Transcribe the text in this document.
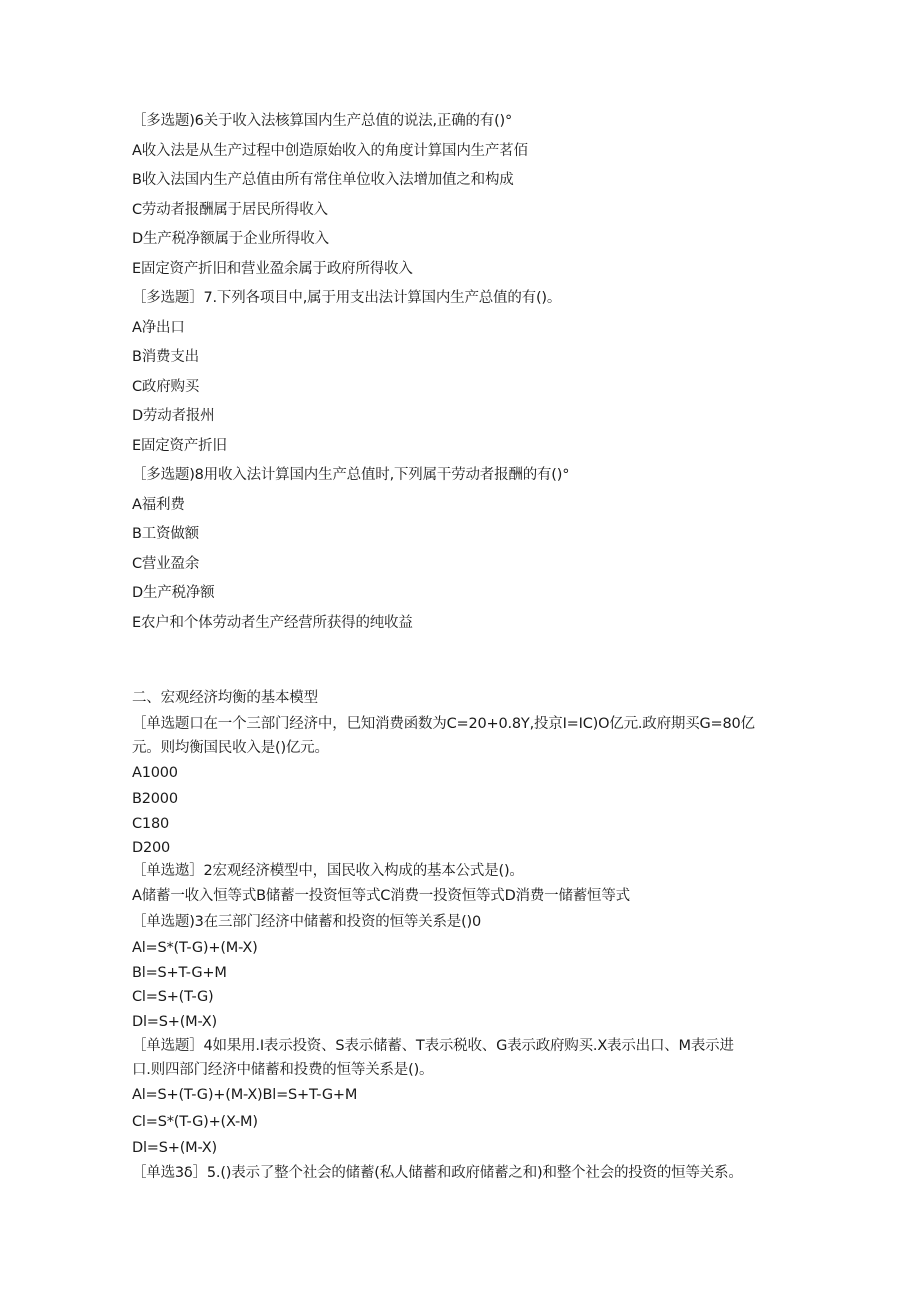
［多选题)6关于收入法核算国内生产总值的说法,正确的有()°
A收入法是从生产过程中创造原始收入的角度计算国内生产茗佰
B收入法国内生产总值由所有常住单位收入法增加值之和构成
C劳动者报酬属于居民所得收入
D生产税净额属于企业所得收入
E固定资产折旧和营业盈余属于政府所得收入
［多选题］7.下列各项目中,属于用支出法计算国内生产总值的有()。
A净出口
B消费支出
C政府购买
D劳动者报州
E固定资产折旧
［多选题)8用收入法计算国内生产总值时,下列属干劳动者报酬的有()°
A福利费
B工资做额
C营业盈余
D生产税净额
E农户和个体劳动者生产经营所获得的纯收益
二、宏观经济均衡的基本模型
［单选题口在一个三部门经济中，巳知消费函数为C=20+0.8Y,投京I=IC)O亿元.政府期买G=80亿
元。则均衡国民收入是()亿元。
A1000
B2000
C180
D200
［单选遨］2宏观经济模型中，国民收入构成的基本公式是()。
A储蓄一收入恒等式B储蓄一投资恒等式C消费一投资恒等式D消费一储蓄恒等式
［单选题)3在三部门经济中储蓄和投资的恒等关系是()0
Al=S*(T-G)+(M-X)
Bl=S+T-G+M
Cl=S+(T-G)
Dl=S+(M-X)
［单选题］4如果用.I表示投资、S表示储蓄、T表示税收、G表示政府购买.X表示出口、M表示进
口.则四部门经济中储蓄和投费的恒等关系是()。
Al=S+(T-G)+(M-X)Bl=S+T-G+M
Cl=S*(T-G)+(X-M)
Dl=S+(M-X)
［单选3δ］5.()表示了整个社会的储蓄(私人储蓄和政府储蓄之和)和整个社会的投资的恒等关系。
